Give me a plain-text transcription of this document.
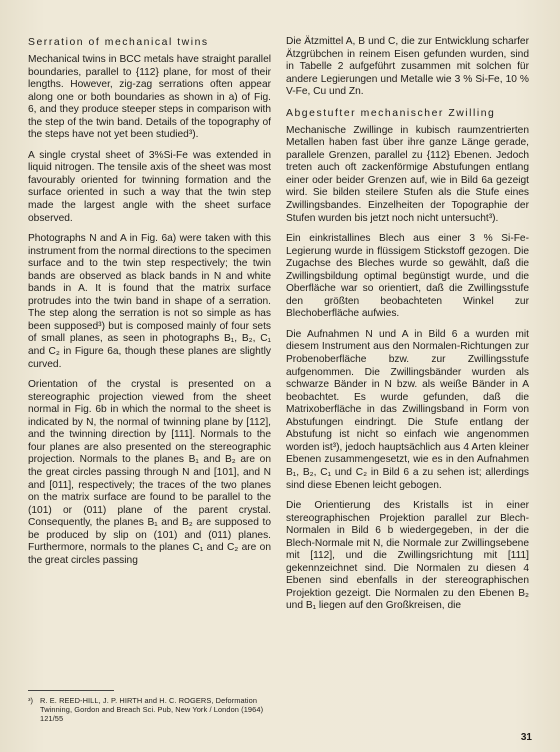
Serration of mechanical twins

Mechanical twins in BCC metals have straight parallel boundaries, parallel to {112} plane, for most of their lengths. However, zig-zag serrations often appear along one or both boundaries as shown in a) of Fig. 6, and they produce steeper steps in comparison with the step of the twin band. Details of the topography of the steps have not yet been studied³).

A single crystal sheet of 3%Si-Fe was extended in liquid nitrogen. The tensile axis of the sheet was most favourably oriented for twinning formation and the surface oriented in such a way that the twin step made the largest angle with the sheet surface observed.

Photographs N and A in Fig. 6a) were taken with this instrument from the normal directions to the specimen surface and to the twin step respectively; the twin bands are observed as black bands in N and white bands in A. It is found that the matrix surface protrudes into the twin band in shape of a serration. The step along the serration is not so simple as has been supposed³) but is composed mainly of four sets of small planes, as seen in photographs B₁, B₂, C₁ and C₂ in Figure 6a, though these planes are slightly curved.

Orientation of the crystal is presented on a stereographic projection viewed from the sheet normal in Fig. 6b in which the normal to the sheet is indicated by N, the normal of twinning plane by [112], and the twinning direction by [111]. Normals to the four planes are also presented on the stereographic projection. Normals to the planes B₁ and B₂ are on the great circles passing through N and [101], and N and [011], respectively; the traces of the two planes on the matrix surface are found to be parallel to the (101) or (011) plane of the parent crystal. Consequently, the planes B₁ and B₂ are supposed to be produced by slip on (101) and (011) planes. Furthermore, normals to the planes C₁ and C₂ are on the great circles passing

³) R. E. REED-HILL, J. P. HIRTH and H. C. ROGERS, Deformation Twinning, Gordon and Breach Sci. Pub, New York / London (1964) 121/55

Die Ätzmittel A, B und C, die zur Entwicklung scharfer Ätzgrübchen in reinem Eisen gefunden wurden, sind in Tabelle 2 aufgeführt zusammen mit solchen für andere Legierungen und Metalle wie 3 % Si-Fe, 10 % V-Fe, Cu und Zn.

Abgestufter mechanischer Zwilling

Mechanische Zwillinge in kubisch raumzentrierten Metallen haben fast über ihre ganze Länge gerade, parallele Grenzen, parallel zu {112} Ebenen. Jedoch treten auch oft zackenförmige Abstufungen entlang einer oder beider Grenzen auf, wie in Bild 6a gezeigt wird. Sie bilden steilere Stufen als die Stufe eines Zwillingsbandes. Einzelheiten der Topographie der Stufen wurden bis jetzt noch nicht untersucht³).

Ein einkristallines Blech aus einer 3 % Si-Fe-Legierung wurde in flüssigem Stickstoff gezogen. Die Zugachse des Bleches wurde so gewählt, daß die Zwillingsbildung optimal begünstigt wurde, und die Oberfläche war so orientiert, daß die Zwillingsstufe den größten beobachteten Winkel zur Blechoberfläche aufwies.

Die Aufnahmen N und A in Bild 6 a wurden mit diesem Instrument aus den Normalen-Richtungen zur Probenoberfläche bzw. zur Zwillingsstufe aufgenommen. Die Zwillingsbänder wurden als schwarze Bänder in N bzw. als weiße Bänder in A beobachtet. Es wurde gefunden, daß die Matrixoberfläche in das Zwillingsband in Form von Abstufungen eindringt. Die Stufe entlang der Abstufung ist nicht so einfach wie angenommen worden ist³), jedoch hauptsächlich aus 4 Arten kleiner Ebenen zusammengesetzt, wie es in den Aufnahmen B₁, B₂, C₁ und C₂ in Bild 6 a zu sehen ist; allerdings sind diese Ebenen leicht gebogen.

Die Orientierung des Kristalls ist in einer stereographischen Projektion parallel zur Blech-Normalen in Bild 6 b wiedergegeben, in der die Blech-Normale mit N, die Normale zur Zwillingsebene mit [112], und die Zwillingsrichtung mit [111] gekennzeichnet sind. Die Normalen zu diesen 4 Ebenen sind ebenfalls in der stereographischen Projektion gezeigt. Die Normalen zu den Ebenen B₂ und B₁ liegen auf den Großkreisen, die

31
